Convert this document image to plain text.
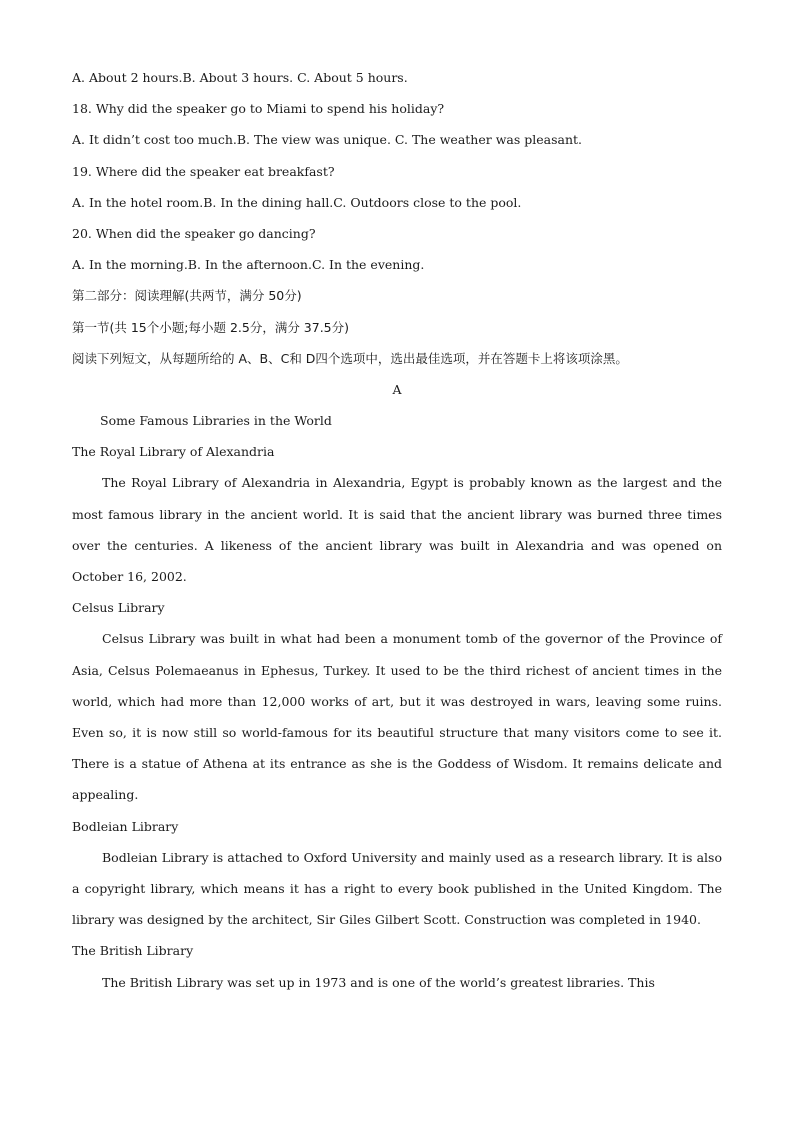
A. About 2 hours.B. About 3 hours. C. About 5 hours.
18. Why did the speaker go to Miami to spend his holiday?
A. It didn’t cost too much.B. The view was unique. C. The weather was pleasant.
19. Where did the speaker eat breakfast?
A. In the hotel room.B. In the dining hall.C. Outdoors close to the pool.
20. When did the speaker go dancing?
A. In the morning.B. In the afternoon.C. In the evening.
第二部分：阅读理解(共两节，满分 50分)
第一节(共 15个小题;每小题 2.5分，满分 37.5分)
阅读下列短文，从每题所给的 A、B、C和 D四个选项中，选出最佳选项，并在答题卡上将该项涂黑。
A
Some Famous Libraries in the World
The Royal Library of Alexandria

The Royal Library of Alexandria in Alexandria, Egypt is probably known as the largest and the most famous library in the ancient world. It is said that the ancient library was burned three times over the centuries. A likeness of the ancient library was built in Alexandria and was opened on October 16, 2002.

Celsus Library

Celsus Library was built in what had been a monument tomb of the governor of the Province of Asia, Celsus Polemaeanus in Ephesus, Turkey. It used to be the third richest of ancient times in the world, which had more than 12,000 works of art, but it was destroyed in wars, leaving some ruins. Even so, it is now still so world-famous for its beautiful structure that many visitors come to see it. There is a statue of Athena at its entrance as she is the Goddess of Wisdom. It remains delicate and appealing.

Bodleian Library

Bodleian Library is attached to Oxford University and mainly used as a research library. It is also a copyright library, which means it has a right to every book published in the United Kingdom. The library was designed by the architect, Sir Giles Gilbert Scott. Construction was completed in 1940.

The British Library

The British Library was set up in 1973 and is one of the world’s greatest libraries. This
